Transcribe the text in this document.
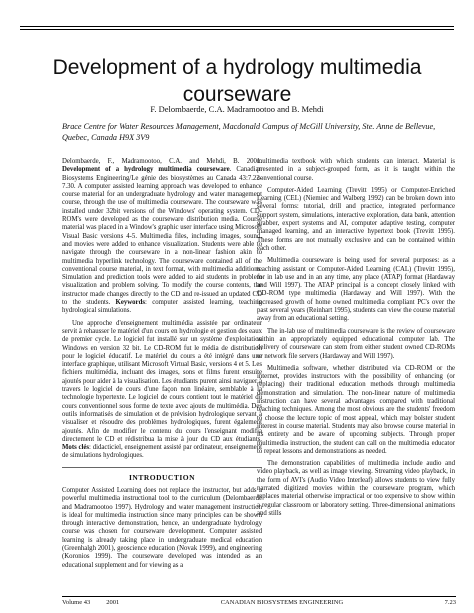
Development of a hydrology multimedia courseware
F. Delombaerde, C.A. Madramootoo and B. Mehdi
Brace Centre for Water Resources Management, Macdonald Campus of McGill University, Ste. Anne de Bellevue, Quebec, Canada H9X 3V9

Delombaerde, F., Madramootoo, C.A. and Mehdi, B. 2001. Development of a hydrology multimedia courseware. Canadian Biosystems Engineering/Le génie des biosystèmes au Canada 43:7.23-7.30. A computer assisted learning approach was developed to enhance course material for an undergraduate hydrology and water management course, through the use of multimedia courseware. The courseware was installed under 32bit versions of the Windows' operating system. CD-ROM's were developed as the courseware distribution media. Course material was placed in a Window's graphic user interface using Microsoft Visual Basic versions 4-5. Multimedia files, including images, sound, and movies were added to enhance visualization. Students were able to navigate through the courseware in a non-linear fashion akin to multimedia hyperlink technology. The courseware contained all of the conventional course material, in text format, with multimedia additions. Simulation and prediction tools were added to aid students in problem visualization and problem solving. To modify the course contents, the instructor made changes directly to the CD and re-issued an updated CD to the students. Keywords: computer assisted learning, teaching hydrological simulations.

Une approche d'enseignement multimédia assistée par ordinateur servit à rehausser le matériel d'un cours en hydrologie et gestion des eaux de premier cycle. Le logiciel fut installé sur un système d'exploitation Windows en version 32 bit. Le CD-ROM fut le média de distribution pour le logiciel éducatif. Le matériel du cours a été intégré dans une interface graphique, utilisant Microsoft Virtual Basic, versions 4 et 5. Les fichiers multimédia, incluant des images, sons et films furent ensuite ajoutés pour aider à la visualisation. Les étudiants purent ainsi naviguer à travers le logiciel de cours d'une façon non linéaire, semblable à la technologie hypertexte. Le logiciel de cours contient tout le matériel du cours conventionnel sous forme de texte avec ajouts de multimédia. Des outils informatisés de simulation et de prévision hydrologique servant à visualiser et résoudre des problèmes hydrologiques, furent également ajoutés. Afin de modifier le contenu du cours l'enseignant modifia directement le CD et rédistribua la mise à jour du CD aux étudiants. Mots clés: didacticiel, enseignement assisté par ordinateur, enseignement de simulations hydrologiques.

INTRODUCTION

Computer Assisted Learning does not replace the instructor, but adds a powerful multimedia instructional tool to the curriculum (Delombaerde and Madramootoo 1997). Hydrology and water management instruction is ideal for multimedia instruction since many principles can be shown through interactive demonstration, hence, an undergraduate hydrology course was chosen for courseware development. Computer assisted learning is already taking place in undergraduate medical education (Greenhalgh 2001), geoscience education (Novak 1999), and engineering (Koronios 1999). The courseware developed was intended as an educational supplement and for viewing as a

multimedia textbook with which students can interact. Material is presented in a subject-grouped form, as it is taught within the conventional course.

Computer-Aided Learning (Trevitt 1995) or Computer-Enriched Learning (CEL) (Niemiec and Walberg 1992) can be broken down into several forms: tutorial, drill and practice, integrated performance support system, simulations, interactive exploration, data bank, attention grabber, expert systems and AI, computer adaptive testing, computer managed learning, and an interactive hypertext book (Trevitt 1995). These forms are not mutually exclusive and can be contained within each other.

Multimedia courseware is being used for several purposes: as a teaching assistant or Computer-Aided Learning (CAL) (Trevitt 1995), for in lab use and in an any time, any place (ATAP) format (Hardaway and Will 1997). The ATAP principal is a concept closely linked with CD-ROM type multimedia (Hardaway and Will 1997). With the increased growth of home owned multimedia compliant PC's over the past several years (Reinhart 1995), students can view the course material away from an educational setting.

The in-lab use of multimedia courseware is the review of courseware within an appropriately equipped educational computer lab. The delivery of courseware can stem from either student owned CD-ROMs or network file servers (Hardaway and Will 1997).

Multimedia software, whether distributed via CD-ROM or the internet, provides instructors with the possibility of enhancing (or replacing) their traditional education methods through multimedia demonstration and simulation. The non-linear nature of multimedia instruction can have several advantages compared with traditional teaching techniques. Among the most obvious are the students' freedom to choose the lecture topic of most appeal, which may bolster student interest in course material. Students may also browse course material in its entirety and be aware of upcoming subjects. Through proper multimedia instruction, the student can call on the multimedia educator to repeat lessons and demonstrations as needed.

The demonstration capabilities of multimedia include audio and video playback, as well as image viewing. Streaming video playback, in the form of AVI's (Audio Video Interleaf) allows students to view fully narrated digitized movies within the courseware program, which replaces material otherwise impractical or too expensive to show within a regular classroom or laboratory setting. Three-dimensional animations and stills

Volume 43 2001	CANADIAN BIOSYSTEMS ENGINEERING	7.23
